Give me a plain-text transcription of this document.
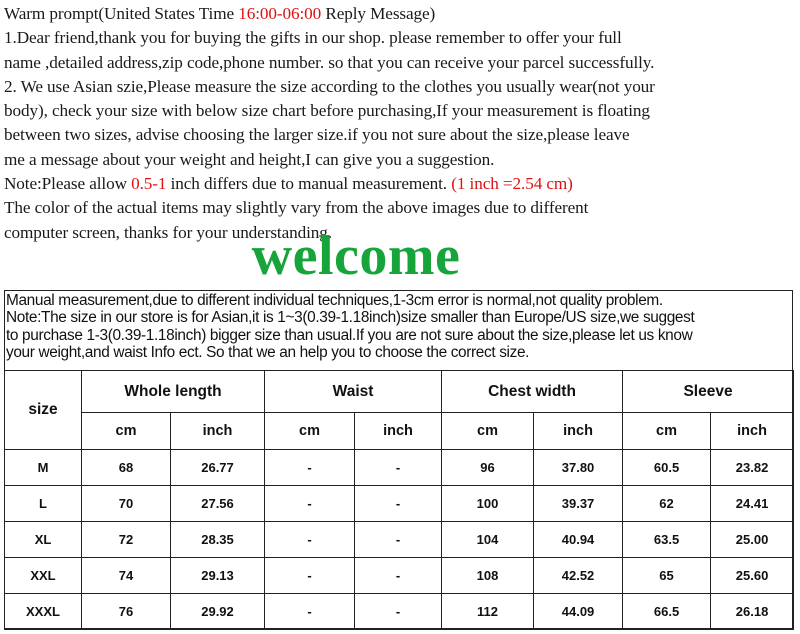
Warm prompt(United States Time 16:00-06:00 Reply Message)
1.Dear friend,thank you for buying the gifts in our shop. please remember to offer your full
name ,detailed address,zip code,phone number. so that you can receive your parcel successfully.
2. We use Asian szie,Please measure the size according to the clothes you usually wear(not your
body), check your size with below size chart before purchasing,If your measurement is floating
between two sizes, advise choosing the larger size.if you not sure about the size,please leave
me a message about your weight and height,I can give you a suggestion.
Note:Please allow 0.5-1 inch differs due to manual measurement. (1 inch =2.54 cm)
The color of the actual items may slightly vary from the above images due to different
computer screen, thanks for your understanding.
welcome
Manual measurement,due to different individual techniques,1-3cm error is normal,not quality problem.
Note:The size in our store is for Asian,it is 1~3(0.39-1.18inch)size smaller than Europe/US size,we suggest
to purchase 1-3(0.39-1.18inch) bigger size than usual.If you are not sure about the size,please let us know
your weight,and waist Info ect. So that we an help you to choose the correct size.
size	Whole length		Waist		Chest width		Sleeve	
	cm	inch	cm	inch	cm	inch	cm	inch
M	68	26.77	-	-	96	37.80	60.5	23.82
L	70	27.56	-	-	100	39.37	62	24.41
XL	72	28.35	-	-	104	40.94	63.5	25.00
XXL	74	29.13	-	-	108	42.52	65	25.60
XXXL	76	29.92	-	-	112	44.09	66.5	26.18
